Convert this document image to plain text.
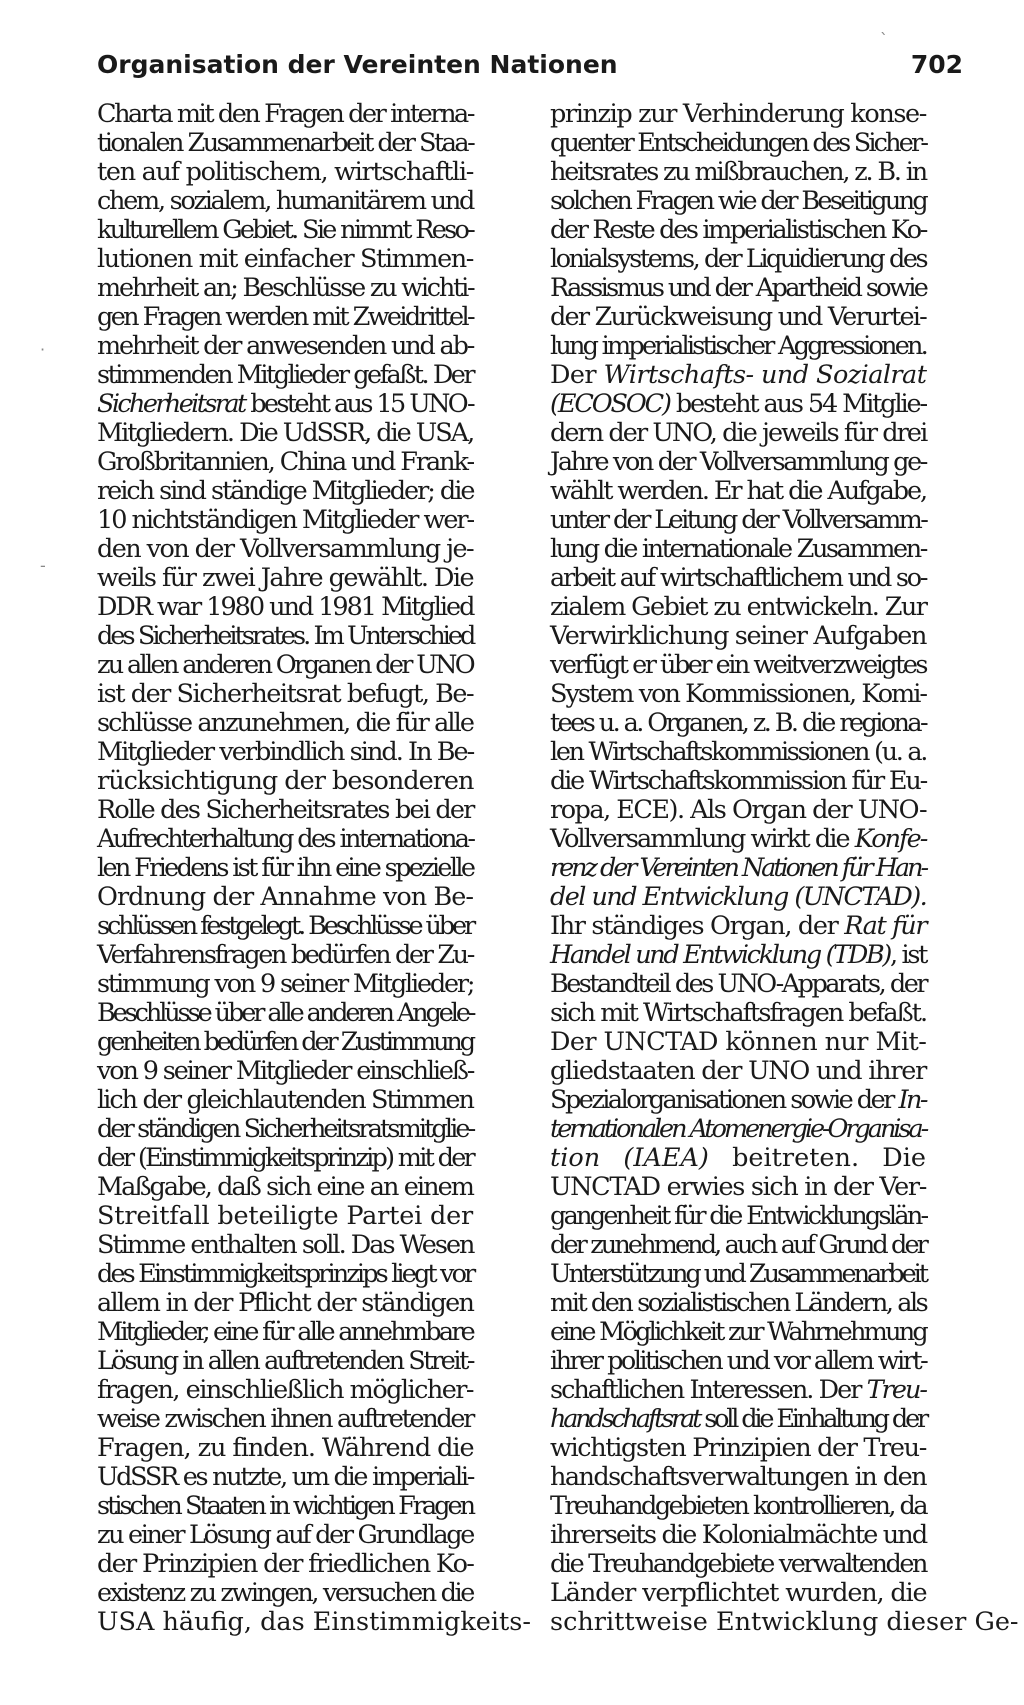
Organisation der Vereinten Nationen	702
ˋ
-
·
Charta mit den Fragen der interna-
tionalen Zusammenarbeit der Staa-
ten auf politischem, wirtschaftli-
chem, sozialem, humanitärem und
kulturellem Gebiet. Sie nimmt Reso-
lutionen mit einfacher Stimmen-
mehrheit an; Beschlüsse zu wichti-
gen Fragen werden mit Zweidrittel-
mehrheit der anwesenden und ab-
stimmenden Mitglieder gefaßt. Der
Sicherheitsrat besteht aus 15 UNO-
Mitgliedern. Die UdSSR, die USA,
Großbritannien, China und Frank-
reich sind ständige Mitglieder; die
10 nichtständigen Mitglieder wer-
den von der Vollversammlung je-
weils für zwei Jahre gewählt. Die
DDR war 1980 und 1981 Mitglied
des Sicherheitsrates. Im Unterschied
zu allen anderen Organen der UNO
ist der Sicherheitsrat befugt, Be-
schlüsse anzunehmen, die für alle
Mitglieder verbindlich sind. In Be-
rücksichtigung der besonderen
Rolle des Sicherheitsrates bei der
Aufrechterhaltung des internationa-
len Friedens ist für ihn eine spezielle
Ordnung der Annahme von Be-
schlüssen festgelegt. Beschlüsse über
Verfahrensfragen bedürfen der Zu-
stimmung von 9 seiner Mitglieder;
Beschlüsse über alle anderen Angele-
genheiten bedürfen der Zustimmung
von 9 seiner Mitglieder einschließ-
lich der gleichlautenden Stimmen
der ständigen Sicherheitsratsmitglie-
der (Einstimmigkeitsprinzip) mit der
Maßgabe, daß sich eine an einem
Streitfall beteiligte Partei der
Stimme enthalten soll. Das Wesen
des Einstimmigkeitsprinzips liegt vor
allem in der Pflicht der ständigen
Mitglieder, eine für alle annehmbare
Lösung in allen auftretenden Streit-
fragen, einschließlich möglicher-
weise zwischen ihnen auftretender
Fragen, zu finden. Während die
UdSSR es nutzte, um die imperiali-
stischen Staaten in wichtigen Fragen
zu einer Lösung auf der Grundlage
der Prinzipien der friedlichen Ko-
existenz zu zwingen, versuchen die
USA häufig, das Einstimmigkeits-
prinzip zur Verhinderung konse-
quenter Entscheidungen des Sicher-
heitsrates zu mißbrauchen, z. B. in
solchen Fragen wie der Beseitigung
der Reste des imperialistischen Ko-
lonialsystems, der Liquidierung des
Rassismus und der Apartheid sowie
der Zurückweisung und Verurtei-
lung imperialistischer Aggressionen.
Der Wirtschafts- und Sozialrat
(ECOSOC) besteht aus 54 Mitglie-
dern der UNO, die jeweils für drei
Jahre von der Vollversammlung ge-
wählt werden. Er hat die Aufgabe,
unter der Leitung der Vollversamm-
lung die internationale Zusammen-
arbeit auf wirtschaftlichem und so-
zialem Gebiet zu entwickeln. Zur
Verwirklichung seiner Aufgaben
verfügt er über ein weitverzweigtes
System von Kommissionen, Komi-
tees u. a. Organen, z. B. die regiona-
len Wirtschaftskommissionen (u. a.
die Wirtschaftskommission für Eu-
ropa, ECE). Als Organ der UNO-
Vollversammlung wirkt die Konfe-
renz der Vereinten Nationen für Han-
del und Entwicklung (UNCTAD).
Ihr ständiges Organ, der Rat für
Handel und Entwicklung (TDB), ist
Bestandteil des UNO-Apparats, der
sich mit Wirtschaftsfragen befaßt.
Der UNCTAD können nur Mit-
gliedstaaten der UNO und ihrer
Spezialorganisationen sowie der In-
ternationalen Atomenergie-Organisa-
tion (IAEA) beitreten. Die
UNCTAD erwies sich in der Ver-
gangenheit für die Entwicklungslän-
der zunehmend, auch auf Grund der
Unterstützung und Zusammenarbeit
mit den sozialistischen Ländern, als
eine Möglichkeit zur Wahrnehmung
ihrer politischen und vor allem wirt-
schaftlichen Interessen. Der Treu-
handschaftsrat soll die Einhaltung der
wichtigsten Prinzipien der Treu-
handschaftsverwaltungen in den
Treuhandgebieten kontrollieren, da
ihrerseits die Kolonialmächte und
die Treuhandgebiete verwaltenden
Länder verpflichtet wurden, die
schrittweise Entwicklung dieser Ge-
